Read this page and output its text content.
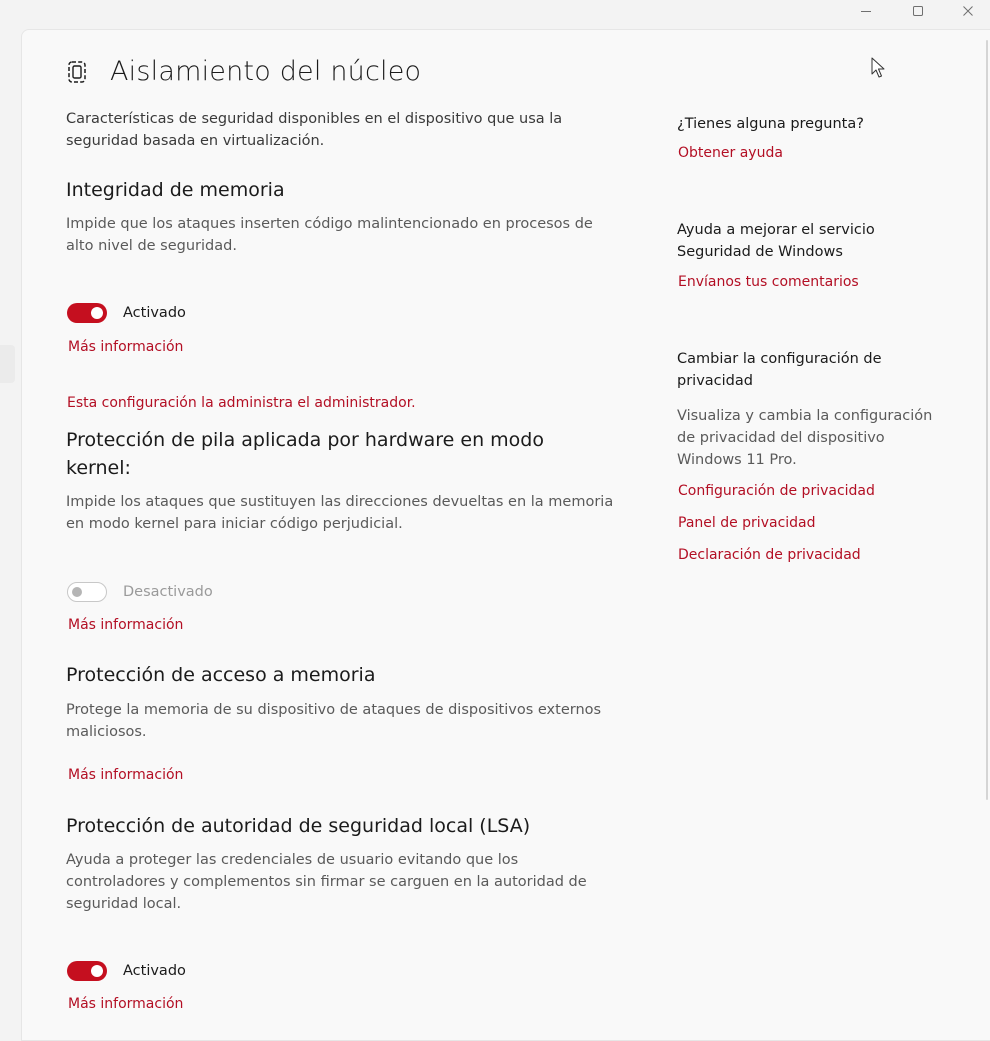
Aislamiento del núcleo
Características de seguridad disponibles en el dispositivo que usa la seguridad basada en virtualización.
Integridad de memoria
Impide que los ataques inserten código malintencionado en procesos de alto nivel de seguridad.
Activado
Más información
Esta configuración la administra el administrador.
Protección de pila aplicada por hardware en modo kernel:
Impide los ataques que sustituyen las direcciones devueltas en la memoria en modo kernel para iniciar código perjudicial.
Desactivado
Más información
Protección de acceso a memoria
Protege la memoria de su dispositivo de ataques de dispositivos externos maliciosos.
Más información
Protección de autoridad de seguridad local (LSA)
Ayuda a proteger las credenciales de usuario evitando que los controladores y complementos sin firmar se carguen en la autoridad de seguridad local.
Activado
Más información
¿Tienes alguna pregunta?
Obtener ayuda
Ayuda a mejorar el servicio Seguridad de Windows
Envíanos tus comentarios
Cambiar la configuración de privacidad
Visualiza y cambia la configuración de privacidad del dispositivo Windows 11 Pro.
Configuración de privacidad
Panel de privacidad
Declaración de privacidad
